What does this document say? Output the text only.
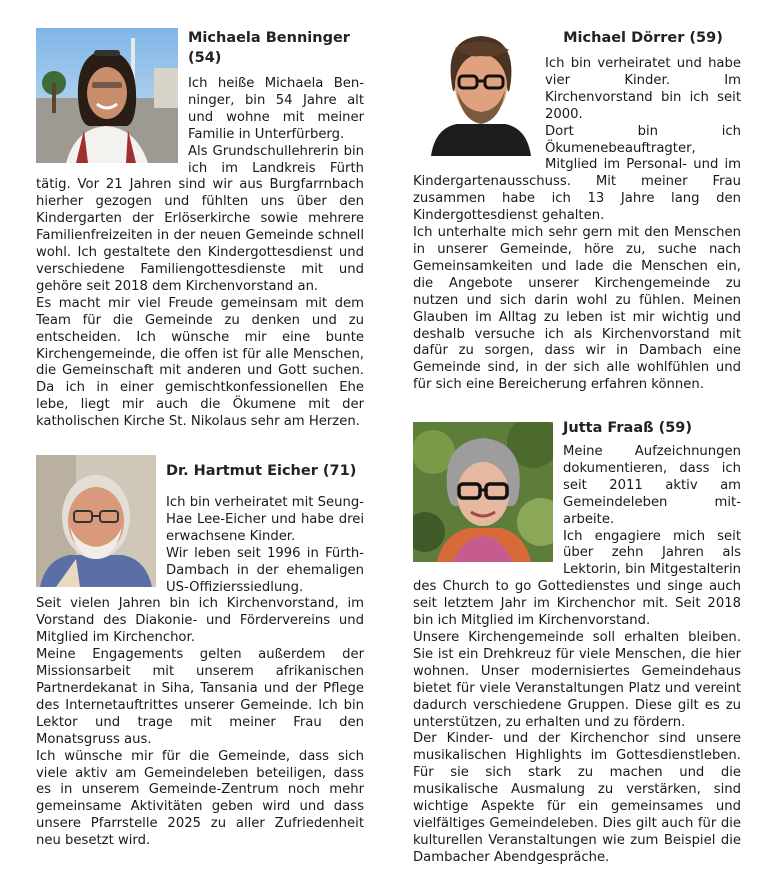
Michaela Benninger (54)

Ich heiße Michaela Benninger, bin 54 Jahre alt und wohne mit meiner Familie in Unterfürberg.

Als Grundschullehrerin bin ich im Landkreis Fürth tätig. Vor 21 Jahren sind wir aus Burgfarrnbach hierher gezogen und fühlten uns über den Kindergarten der Erlöserkirche sowie mehrere Familienfreizeiten in der neuen Gemeinde schnell wohl. Ich gestaltete den Kindergottesdienst und verschiedene Familiengottesdienste mit und gehöre seit 2018 dem Kirchenvorstand an.

Es macht mir viel Freude gemeinsam mit dem Team für die Gemeinde zu denken und zu entscheiden. Ich wünsche mir eine bunte Kirchengemeinde, die offen ist für alle Menschen, die Gemeinschaft mit anderen und Gott suchen. Da ich in einer gemischtkonfessionellen Ehe lebe, liegt mir auch die Ökumene mit der katholischen Kirche St. Nikolaus sehr am Herzen.

Michael Dörrer (59)

Ich bin verheiratet und habe vier Kinder. Im Kirchenvorstand bin ich seit 2000.

Dort bin ich Ökumenebeauftragter, Mitglied im Personal- und im Kindergartenausschuss. Mit meiner Frau zusammen habe ich 13 Jahre lang den Kindergottesdienst gehalten.

Ich unterhalte mich sehr gern mit den Menschen in unserer Gemeinde, höre zu, suche nach Gemeinsamkeiten und lade die Menschen ein, die Angebote unserer Kirchengemeinde zu nutzen und sich darin wohl zu fühlen. Meinen Glauben im Alltag zu leben ist mir wichtig und deshalb versuche ich als Kirchenvorstand mit dafür zu sorgen, dass wir in Dambach eine Gemeinde sind, in der sich alle wohlfühlen und für sich eine Bereicherung erfahren können.

Dr. Hartmut Eicher (71)

Ich bin verheiratet mit Seung-Hae Lee-Eicher und habe drei erwachsene Kinder.

Wir leben seit 1996 in Fürth-Dambach in der ehemaligen US-Offizierssiedlung.

Seit vielen Jahren bin ich Kirchenvorstand, im Vorstand des Diakonie- und Fördervereins und Mitglied im Kirchenchor.

Meine Engagements gelten außerdem der Missionsarbeit mit unserem afrikanischen Partnerdekanat in Siha, Tansania und der Pflege des Internetauftrittes unserer Gemeinde. Ich bin Lektor und trage mit meiner Frau den Monatsgruss aus.

Ich wünsche mir für die Gemeinde, dass sich viele aktiv am Gemeindeleben beteiligen, dass es in unserem Gemeinde-Zentrum noch mehr gemeinsame Aktivitäten geben wird und dass unsere Pfarrstelle 2025 zu aller Zufriedenheit neu besetzt wird.

Jutta Fraaß (59)

Meine Aufzeichnungen dokumentieren, dass ich seit 2011 aktiv am Gemeindeleben mitarbeite.

Ich engagiere mich seit über zehn Jahren als Lektorin, bin Mitgestalterin des Church to go Gottedienstes und singe auch seit letztem Jahr im Kirchenchor mit. Seit 2018 bin ich Mitglied im Kirchenvorstand.

Unsere Kirchengemeinde soll erhalten bleiben. Sie ist ein Drehkreuz für viele Menschen, die hier wohnen. Unser modernisiertes Gemeindehaus bietet für viele Veranstaltungen Platz und vereint dadurch verschiedene Gruppen. Diese gilt es zu unterstützen, zu erhalten und zu fördern.

Der Kinder- und der Kirchenchor sind unsere musikalischen Highlights im Gottesdienstleben. Für sie sich stark zu machen und die musikalische Ausmalung zu verstärken, sind wichtige Aspekte für ein gemeinsames und vielfältiges Gemeindeleben. Dies gilt auch für die kulturellen Veranstaltungen wie zum Beispiel die Dambacher Abendgespräche.
